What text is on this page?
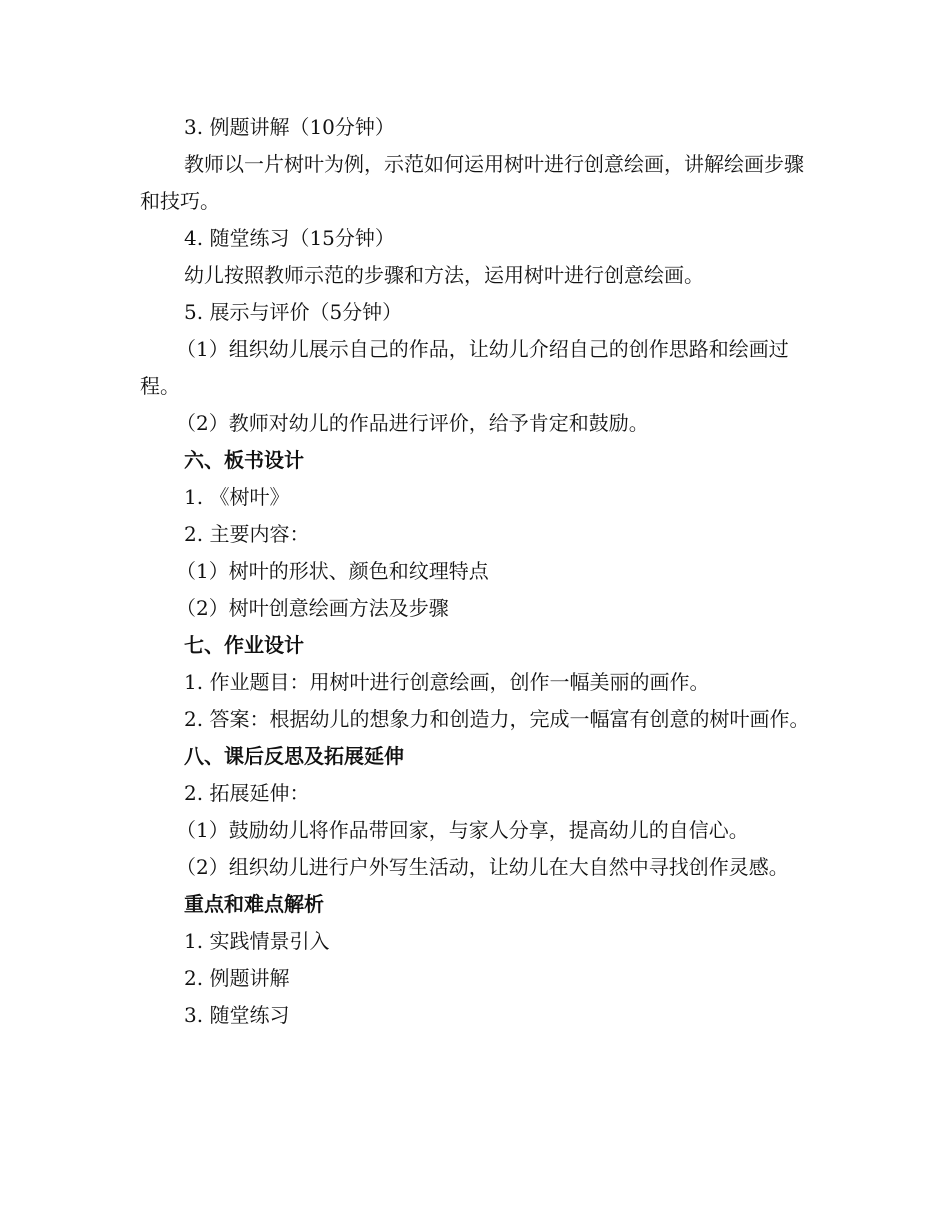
3. 例题讲解（10分钟）

教师以一片树叶为例，示范如何运用树叶进行创意绘画，讲解绘画步骤和技巧。

4. 随堂练习（15分钟）

幼儿按照教师示范的步骤和方法，运用树叶进行创意绘画。

5. 展示与评价（5分钟）

（1）组织幼儿展示自己的作品，让幼儿介绍自己的创作思路和绘画过程。

（2）教师对幼儿的作品进行评价，给予肯定和鼓励。

六、板书设计

1. 《树叶》

2. 主要内容：

（1）树叶的形状、颜色和纹理特点

（2）树叶创意绘画方法及步骤

七、作业设计

1. 作业题目：用树叶进行创意绘画，创作一幅美丽的画作。

2. 答案：根据幼儿的想象力和创造力，完成一幅富有创意的树叶画作。

八、课后反思及拓展延伸

2. 拓展延伸：

（1）鼓励幼儿将作品带回家，与家人分享，提高幼儿的自信心。

（2）组织幼儿进行户外写生活动，让幼儿在大自然中寻找创作灵感。

重点和难点解析

1. 实践情景引入

2. 例题讲解

3. 随堂练习
